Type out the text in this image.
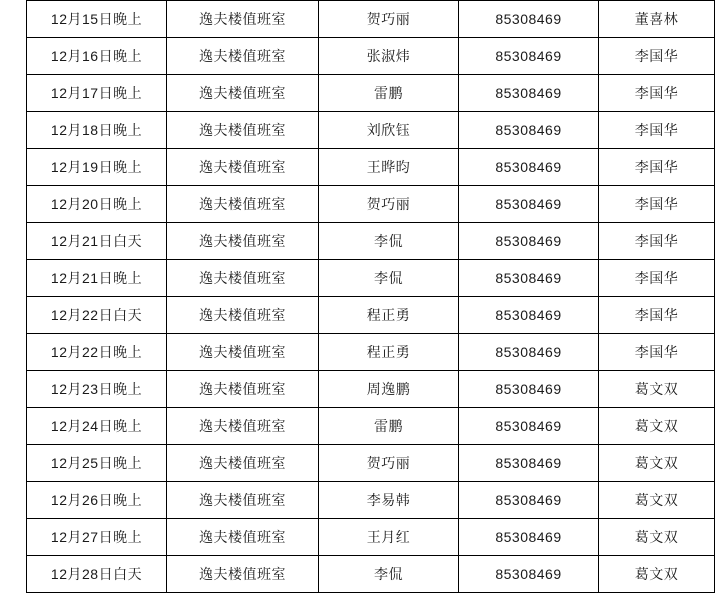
12月15日晚上	逸夫楼值班室	贺巧丽	85308469	董喜林
12月16日晚上	逸夫楼值班室	张淑炜	85308469	李国华
12月17日晚上	逸夫楼值班室	雷鹏	85308469	李国华
12月18日晚上	逸夫楼值班室	刘欣钰	85308469	李国华
12月19日晚上	逸夫楼值班室	王晔昀	85308469	李国华
12月20日晚上	逸夫楼值班室	贺巧丽	85308469	李国华
12月21日白天	逸夫楼值班室	李侃	85308469	李国华
12月21日晚上	逸夫楼值班室	李侃	85308469	李国华
12月22日白天	逸夫楼值班室	程正勇	85308469	李国华
12月22日晚上	逸夫楼值班室	程正勇	85308469	李国华
12月23日晚上	逸夫楼值班室	周逸鹏	85308469	葛文双
12月24日晚上	逸夫楼值班室	雷鹏	85308469	葛文双
12月25日晚上	逸夫楼值班室	贺巧丽	85308469	葛文双
12月26日晚上	逸夫楼值班室	李易韩	85308469	葛文双
12月27日晚上	逸夫楼值班室	王月红	85308469	葛文双
12月28日白天	逸夫楼值班室	李侃	85308469	葛文双
